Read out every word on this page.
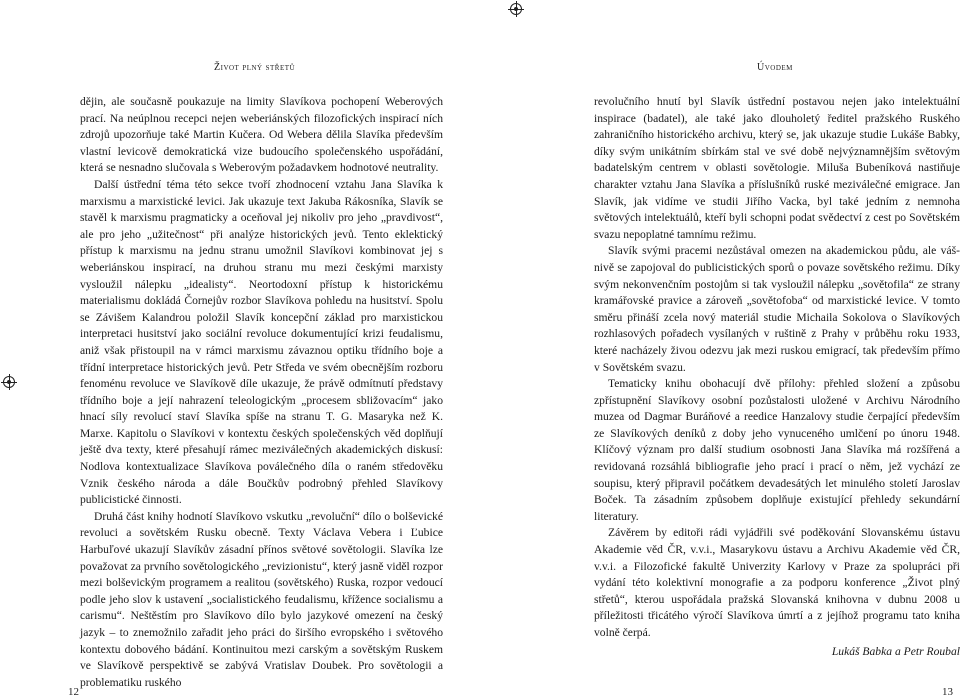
Život plný střetů	Úvodem

dějin, ale současně poukazuje na limity Slavíkova pochopení Weberových prací. Na neúplnou recepci nejen weberiánských filozofických inspirací ních zdrojů upozorňuje také Martin Kučera. Od Webera dělila Slavíka především vlastní levicově demokratická vize budoucího společenského uspořádání, která se nesnadno slučovala s Weberovým požadavkem hodnotové neutrality.

Další ústřední téma této sekce tvoří zhodnocení vztahu Jana Slavíka k marxismu a marxistické levici. Jak ukazuje text Jakuba Rákosníka, Slavík se stavěl k marxismu pragmaticky a oceňoval jej nikoliv pro jeho „pravdivost“, ale pro jeho „užitečnost“ při analýze historických jevů. Tento eklektický přístup k marxismu na jednu stranu umožnil Slavíkovi kombinovat jej s weberiánskou inspirací, na druhou stranu mu mezi českými marxisty vysloužil nálepku „idealisty“. Neortodoxní přístup k historickému materialismu dokládá Čornejův rozbor Slavíkova pohledu na husitství. Spolu se Závišem Kalandrou položil Slavík koncepční základ pro marxistickou interpretaci husitství jako sociální revoluce dokumentující krizi feudalismu, aniž však přistoupil na v rámci marxismu závaznou optiku třídního boje a třídní interpretace historických jevů. Petr Středa ve svém obecnějším rozboru fenoménu revoluce ve Slavíkově díle ukazuje, že právě odmítnutí představy třídního boje a její nahrazení teleologickým „procesem sbližovacím“ jako hnací síly revolucí staví Slavíka spíše na stranu T. G. Masaryka než K. Marxe. Kapitolu o Slavíkovi v kontextu českých společenských věd doplňují ještě dva texty, které přesahují rámec meziválečných akademických diskusí: Nodlova kontextualizace Slavíkova poválečného díla o raném středověku Vznik českého národa a dále Boučkův podrobný přehled Slavíkovy publicistické činnosti.

Druhá část knihy hodnotí Slavíkovo vskutku „revoluční“ dílo o bolševické revoluci a sovětském Rusku obecně. Texty Václava Vebera i Ľubice Harbuľové ukazují Slavíkův zásadní přínos světové sovětologii. Slavíka lze považovat za prvního sovětologického „revizionistu“, který jasně viděl rozpor mezi bolševickým programem a realitou (sovětského) Ruska, rozpor vedoucí podle jeho slov k ustavení „socialistického feudalismu, křížence socialismu a carismu“. Neštěstím pro Slavíkovo dílo bylo jazykové omezení na český jazyk – to znemožnilo zařadit jeho práci do širšího evropského i světového kontextu dobového bádání. Kontinuitou mezi carským a sovětským Ruskem ve Slavíkově perspektivě se zabývá Vratislav Doubek. Pro sovětologii a problematiku ruského

revolučního hnutí byl Slavík ústřední postavou nejen jako intelektuální inspirace (badatel), ale také jako dlouholetý ředitel pražského Ruského zahraničního historického archivu, který se, jak ukazuje studie Lukáše Babky, díky svým unikátním sbírkám stal ve své době nejvýznamnějším světovým badatelským centrem v oblasti sovětologie. Miluša Bubeníková nastiňuje charakter vztahu Jana Slavíka a příslušníků ruské meziválečné emigrace. Jan Slavík, jak vidíme ve studii Jiřího Vacka, byl také jedním z nemnoha světových intelektuálů, kteří byli schopni podat svědectví z cest po Sovětském svazu nepoplatné tamnímu režimu.

Slavík svými pracemi nezůstával omezen na akademickou půdu, ale vášnivě se zapojoval do publicistických sporů o povaze sovětského režimu. Díky svým nekonvenčním postojům si tak vysloužil nálepku „sovětofila“ ze strany kramářovské pravice a zároveň „sovětofoba“ od marxistické levice. V tomto směru přináší zcela nový materiál studie Michaila Sokolova o Slavíkových rozhlasových pořadech vysílaných v ruštině z Prahy v průběhu roku 1933, které nacházely živou odezvu jak mezi ruskou emigrací, tak především přímo v Sovětském svazu.

Tematicky knihu obohacují dvě přílohy: přehled složení a způsobu zpřístupnění Slavíkovy osobní pozůstalosti uložené v Archivu Národního muzea od Dagmar Buráňové a reedice Hanzalovy studie čerpající především ze Slavíkových deníků z doby jeho vynuceného umlčení po únoru 1948. Klíčový význam pro další studium osobnosti Jana Slavíka má rozšířená a revidovaná rozsáhlá bibliografie jeho prací i prací o něm, jež vychází ze soupisu, který připravil počátkem devadesátých let minulého století Jaroslav Boček. Ta zásadním způsobem doplňuje existující přehledy sekundární literatury.

Závěrem by editoři rádi vyjádřili své poděkování Slovanskému ústavu Akademie věd ČR, v.v.i., Masarykovu ústavu a Archivu Akademie věd ČR, v.v.i. a Filozofické fakultě Univerzity Karlovy v Praze za spolupráci při vydání této kolektivní monografie a za podporu konference „Život plný střetů“, kterou uspořádala pražská Slovanská knihovna v dubnu 2008 u příležitosti třicátého výročí Slavíkova úmrtí a z jejíhož programu tato kniha volně čerpá.

Lukáš Babka a Petr Roubal

12	13
